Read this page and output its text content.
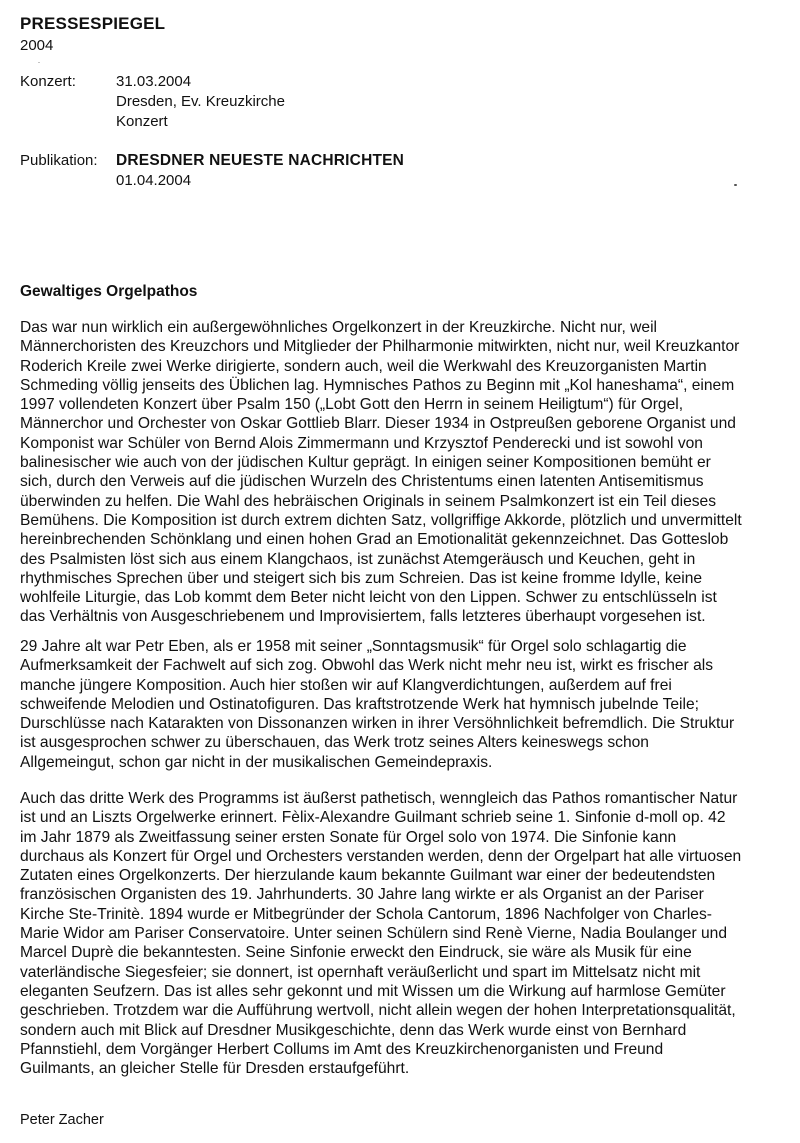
PRESSESPIEGEL
2004
Konzert:	31.03.2004
Dresden, Ev. Kreuzkirche
Konzert
Publikation:	DRESDNER NEUESTE NACHRICHTEN
01.04.2004
Gewaltiges Orgelpathos
Das war nun wirklich ein außergewöhnliches Orgelkonzert in der Kreuzkirche. Nicht nur, weil
Männerchoristen des Kreuzchors und Mitglieder der Philharmonie mitwirkten, nicht nur, weil Kreuzkantor
Roderich Kreile zwei Werke dirigierte, sondern auch, weil die Werkwahl des Kreuzorganisten Martin
Schmeding völlig jenseits des Üblichen lag. Hymnisches Pathos zu Beginn mit „Kol haneshama“, einem
1997 vollendeten Konzert über Psalm 150 („Lobt Gott den Herrn in seinem Heiligtum“) für Orgel,
Männerchor und Orchester von Oskar Gottlieb Blarr. Dieser 1934 in Ostpreußen geborene Organist und
Komponist war Schüler von Bernd Alois Zimmermann und Krzysztof Penderecki und ist sowohl von
balinesischer wie auch von der jüdischen Kultur geprägt. In einigen seiner Kompositionen bemüht er
sich, durch den Verweis auf die jüdischen Wurzeln des Christentums einen latenten Antisemitismus
überwinden zu helfen. Die Wahl des hebräischen Originals in seinem Psalmkonzert ist ein Teil dieses
Bemühens. Die Komposition ist durch extrem dichten Satz, vollgriffige Akkorde, plötzlich und unvermittelt
hereinbrechenden Schönklang und einen hohen Grad an Emotionalität gekennzeichnet. Das Gotteslob
des Psalmisten löst sich aus einem Klangchaos, ist zunächst Atemgeräusch und Keuchen, geht in
rhythmisches Sprechen über und steigert sich bis zum Schreien. Das ist keine fromme Idylle, keine
wohlfeile Liturgie, das Lob kommt dem Beter nicht leicht von den Lippen. Schwer zu entschlüsseln ist
das Verhältnis von Ausgeschriebenem und Improvisiertem, falls letzteres überhaupt vorgesehen ist.
29 Jahre alt war Petr Eben, als er 1958 mit seiner „Sonntagsmusik“ für Orgel solo schlagartig die
Aufmerksamkeit der Fachwelt auf sich zog. Obwohl das Werk nicht mehr neu ist, wirkt es frischer als
manche jüngere Komposition. Auch hier stoßen wir auf Klangverdichtungen, außerdem auf frei
schweifende Melodien und Ostinatofiguren. Das kraftstrotzende Werk hat hymnisch jubelnde Teile;
Durschlüsse nach Katarakten von Dissonanzen wirken in ihrer Versöhnlichkeit befremdlich. Die Struktur
ist ausgesprochen schwer zu überschauen, das Werk trotz seines Alters keineswegs schon
Allgemeingut, schon gar nicht in der musikalischen Gemeindepraxis.
Auch das dritte Werk des Programms ist äußerst pathetisch, wenngleich das Pathos romantischer Natur
ist und an Liszts Orgelwerke erinnert. Fèlix-Alexandre Guilmant schrieb seine 1. Sinfonie d-moll op. 42
im Jahr 1879 als Zweitfassung seiner ersten Sonate für Orgel solo von 1974. Die Sinfonie kann
durchaus als Konzert für Orgel und Orchesters verstanden werden, denn der Orgelpart hat alle virtuosen
Zutaten eines Orgelkonzerts. Der hierzulande kaum bekannte Guilmant war einer der bedeutendsten
französischen Organisten des 19. Jahrhunderts. 30 Jahre lang wirkte er als Organist an der Pariser
Kirche Ste-Trinitè. 1894 wurde er Mitbegründer der Schola Cantorum, 1896 Nachfolger von Charles-
Marie Widor am Pariser Conservatoire. Unter seinen Schülern sind Renè Vierne, Nadia Boulanger und
Marcel Duprè die bekanntesten. Seine Sinfonie erweckt den Eindruck, sie wäre als Musik für eine
vaterländische Siegesfeier; sie donnert, ist opernhaft veräußerlicht und spart im Mittelsatz nicht mit
eleganten Seufzern. Das ist alles sehr gekonnt und mit Wissen um die Wirkung auf harmlose Gemüter
geschrieben. Trotzdem war die Aufführung wertvoll, nicht allein wegen der hohen Interpretationsqualität,
sondern auch mit Blick auf Dresdner Musikgeschichte, denn das Werk wurde einst von Bernhard
Pfannstiehl, dem Vorgänger Herbert Collums im Amt des Kreuzkirchenorganisten und Freund
Guilmants, an gleicher Stelle für Dresden erstaufgeführt.
Peter Zacher
